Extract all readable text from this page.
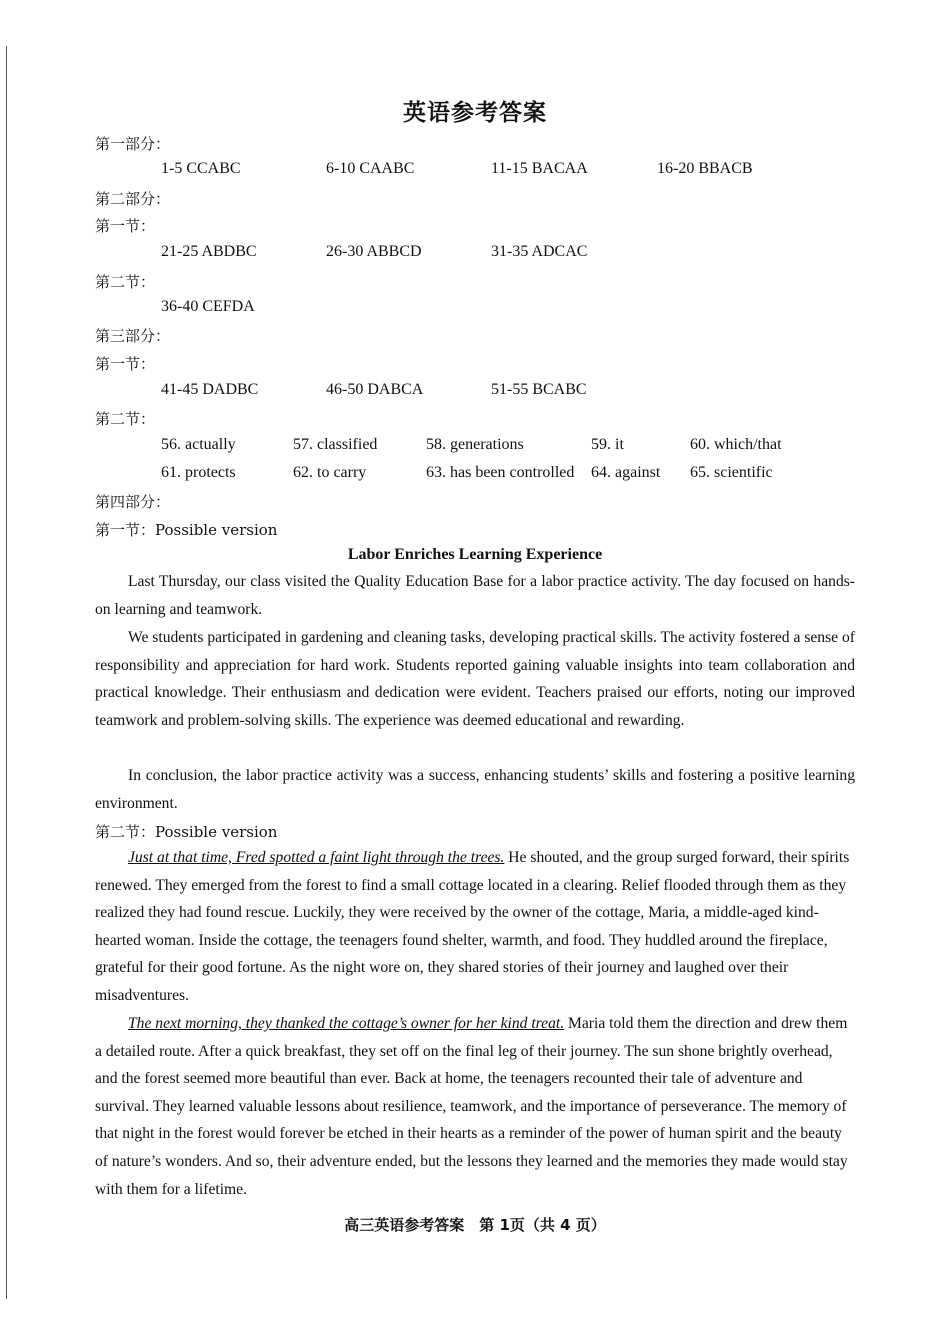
英语参考答案
第一部分：
1-5 CCABC	6-10 CAABC	11-15 BACAA	16-20 BBACB
第二部分：
第一节：
21-25 ABDBC	26-30 ABBCD	31-35 ADCAC
第二节：
36-40 CEFDA
第三部分：
第一节：
41-45 DADBC	46-50 DABCA	51-55 BCABC
第二节：
56. actually	57. classified	58. generations	59. it	60. which/that
61. protects	62. to carry	63. has been controlled 64. against 65. scientific
第四部分：
第一节：Possible version
Labor Enriches Learning Experience

Last Thursday, our class visited the Quality Education Base for a labor practice activity. The day focused on hands-on learning and teamwork.

We students participated in gardening and cleaning tasks, developing practical skills. The activity fostered a sense of responsibility and appreciation for hard work. Students reported gaining valuable insights into team collaboration and practical knowledge. Their enthusiasm and dedication were evident. Teachers praised our efforts, noting our improved teamwork and problem-solving skills. The experience was deemed educational and rewarding.

In conclusion, the labor practice activity was a success, enhancing students’ skills and fostering a positive learning environment.

第二节：Possible version

Just at that time, Fred spotted a faint light through the trees. He shouted, and the group surged forward, their spirits renewed. They emerged from the forest to find a small cottage located in a clearing. Relief flooded through them as they realized they had found rescue. Luckily, they were received by the owner of the cottage, Maria, a middle-aged kind-hearted woman. Inside the cottage, the teenagers found shelter, warmth, and food. They huddled around the fireplace, grateful for their good fortune. As the night wore on, they shared stories of their journey and laughed over their misadventures.

The next morning, they thanked the cottage’s owner for her kind treat. Maria told them the direction and drew them a detailed route. After a quick breakfast, they set off on the final leg of their journey. The sun shone brightly overhead, and the forest seemed more beautiful than ever. Back at home, the teenagers recounted their tale of adventure and survival. They learned valuable lessons about resilience, teamwork, and the importance of perseverance. The memory of that night in the forest would forever be etched in their hearts as a reminder of the power of human spirit and the beauty of nature’s wonders. And so, their adventure ended, but the lessons they learned and the memories they made would stay with them for a lifetime.

高三英语参考答案　第 1页（共 4 页）
